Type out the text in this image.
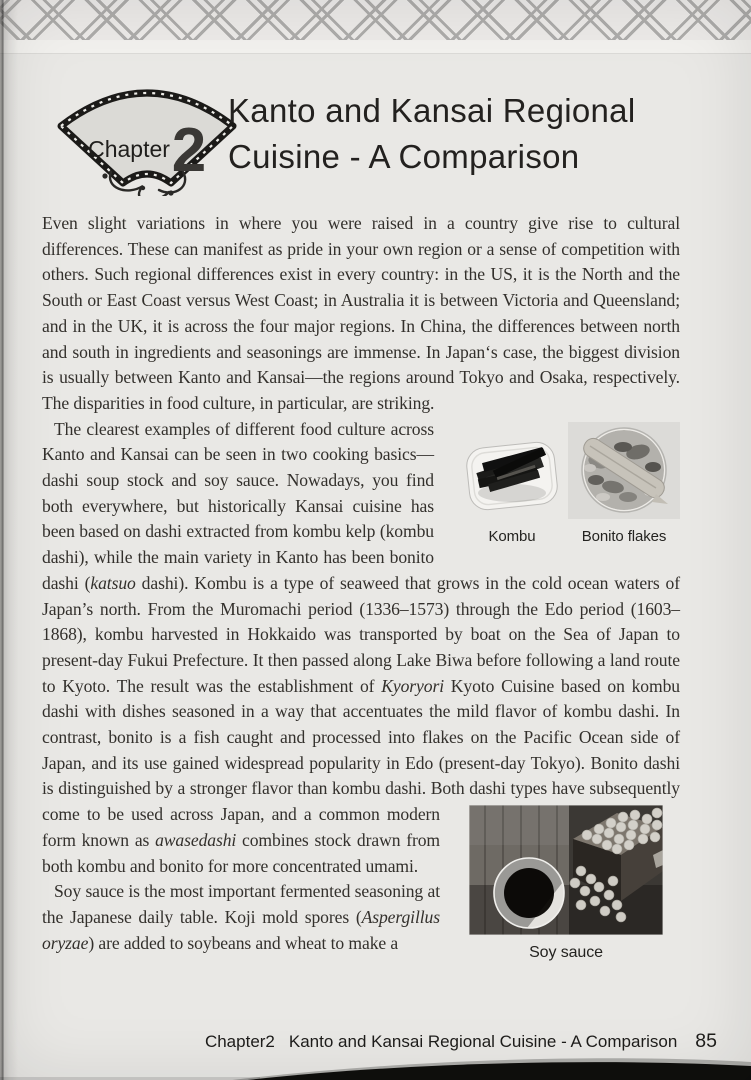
Chapter 2
Kanto and Kansai Regional
Cuisine - A Comparison

Even slight variations in where you were raised in a country give rise to cultural differences. These can manifest as pride in your own region or a sense of competition with others. Such regional differences exist in every country: in the US, it is the North and the South or East Coast versus West Coast; in Australia it is between Victoria and Queensland; and in the UK, it is across the four major regions. In China, the differences between north and south in ingredients and seasonings are immense. In Japan‘s case, the biggest division is usually between Kanto and Kansai—the regions around Tokyo and Osaka, respectively. The disparities in food culture, in particular, are striking.

Kombu	Bonito flakes
The clearest examples of different food culture across Kanto and Kansai can be seen in two cooking basics—dashi soup stock and soy sauce. Nowadays, you find both everywhere, but historically Kansai cuisine has been based on dashi extracted from kombu kelp (kombu dashi), while the main variety in Kanto has been bonito dashi (katsuo dashi). Kombu is a type of seaweed that grows in the cold ocean waters of Japan’s north. From the Muromachi period (1336–1573) through the Edo period (1603–1868), kombu harvested in Hokkaido was transported by boat on the Sea of Japan to present-day Fukui Prefecture. It then passed along Lake Biwa before following a land route to Kyoto. The result was the establishment of Kyoryori Kyoto Cuisine based on kombu dashi with dishes seasoned in a way that accentuates the mild flavor of kombu dashi. In contrast, bonito is a fish caught and processed into flakes on the Pacific Ocean side of Japan, and its use gained widespread popularity in Edo (present-day Tokyo). Bonito dashi is distinguished by a stronger flavor than kombu dashi. Both dashi types have subsequently come to be
Soy sauce
used across Japan, and a common modern form known as awasedashi combines stock drawn from both kombu and bonito for more concentrated umami.

Soy sauce is the most important fermented seasoning at the Japanese daily table. Koji mold spores (Aspergillus oryzae) are added to soybeans and wheat to make a

Chapter2 Kanto and Kansai Regional Cuisine - A Comparison 85
